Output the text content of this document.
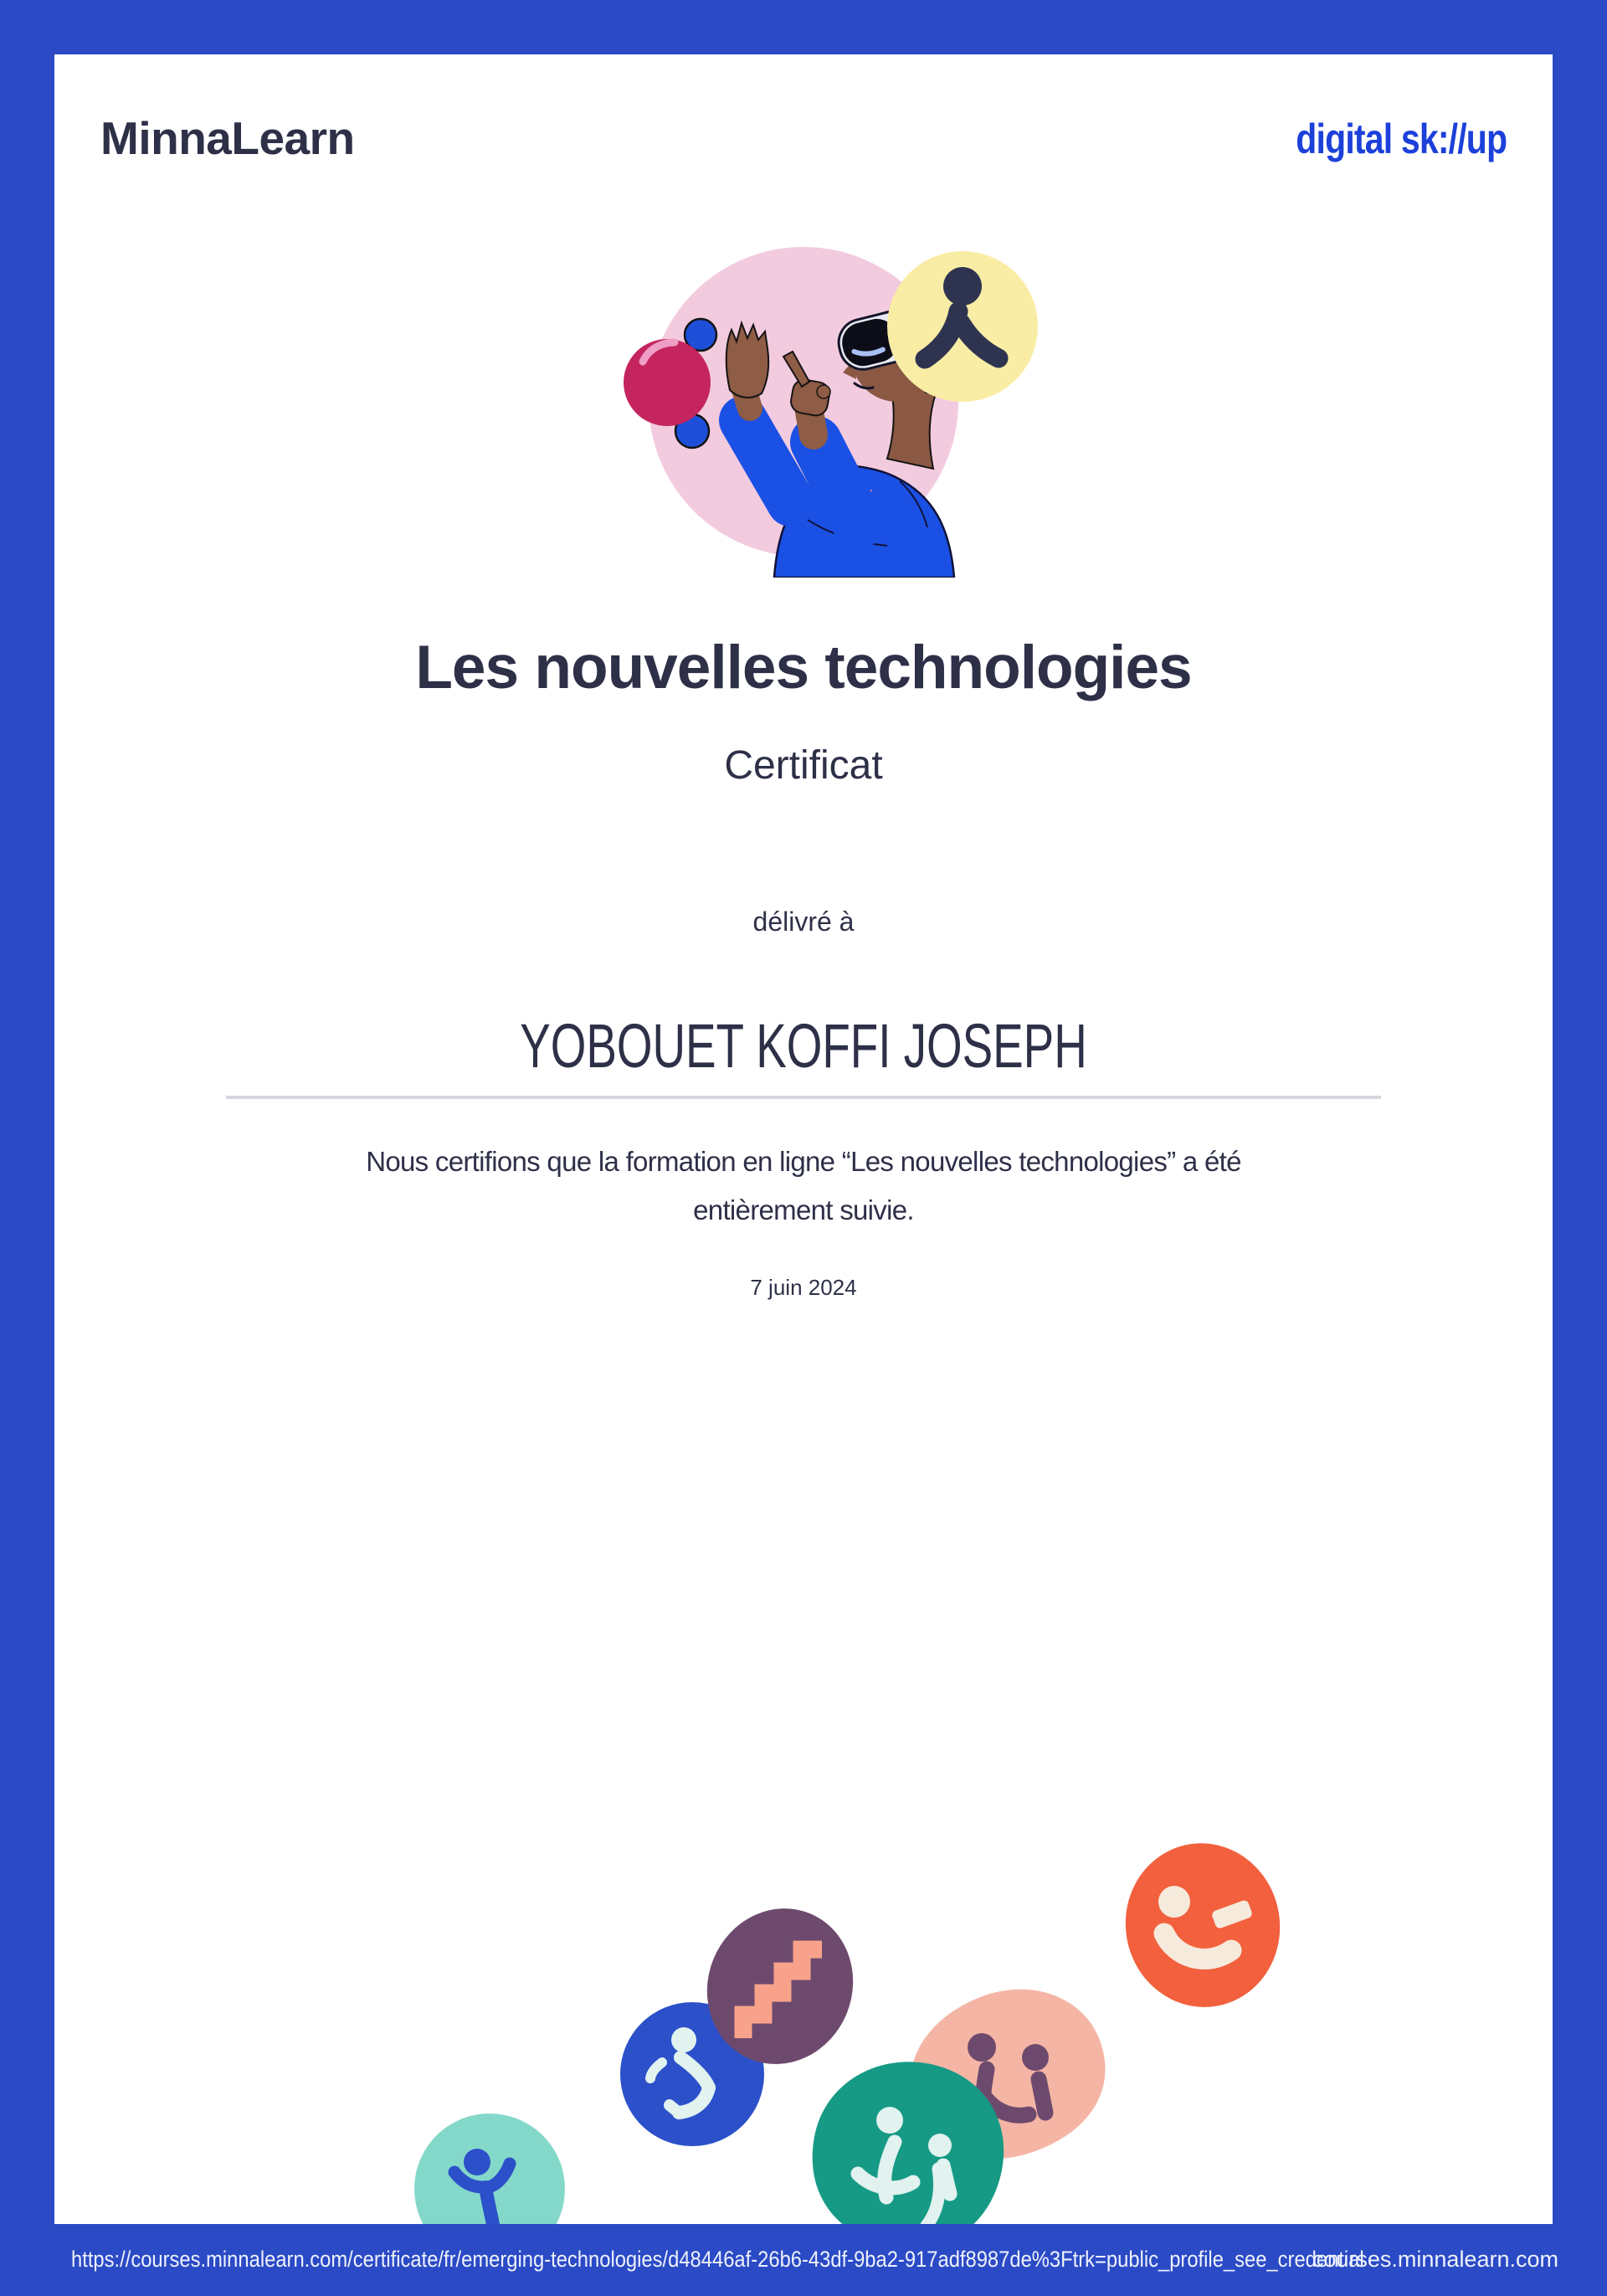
MinnaLearn	digital sk://up
Les nouvelles technologies
Certificat
délivré à
YOBOUET KOFFI JOSEPH
Nous certifions que la formation en ligne “Les nouvelles technologies” a été
entièrement suivie.
7 juin 2024
https://courses.minnalearn.com/certificate/fr/emerging-technologies/d48446af-26b6-43df-9ba2-917adf8987de%3Ftrk=public_profile_see_credential
courses.minnalearn.com
